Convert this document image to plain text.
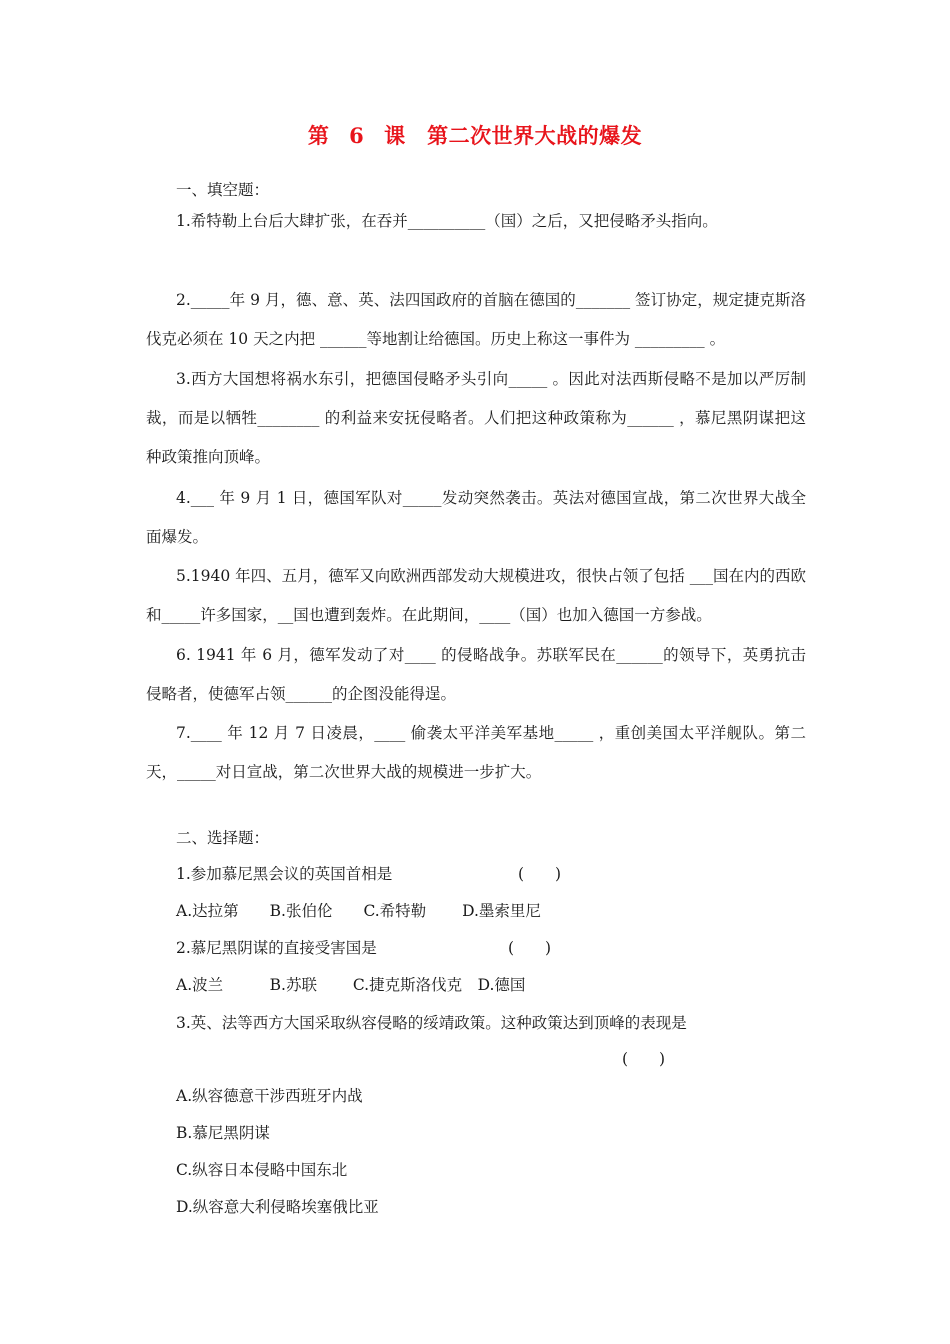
第 6 课　第二次世界大战的爆发
一、填空题：

1.希特勒上台后大肆扩张，在吞并__________（国）之后，又把侵略矛头指向。

2._____年 9 月，德、意、英、法四国政府的首脑在德国的_______ 签订协定，规定捷克斯洛伐克必须在 10 天之内把 ______等地割让给德国。历史上称这一事件为 _________ 。

3.西方大国想将祸水东引，把德国侵略矛头引向_____ 。因此对法西斯侵略不是加以严厉制裁，而是以牺牲________ 的利益来安抚侵略者。人们把这种政策称为______ ，慕尼黑阴谋把这种政策推向顶峰。

4.___ 年 9 月 1 日，德国军队对_____发动突然袭击。英法对德国宣战，第二次世界大战全面爆发。

5.1940 年四、五月，德军又向欧洲西部发动大规模进攻，很快占领了包括 ___国在内的西欧和_____许多国家，__国也遭到轰炸。在此期间，____（国）也加入德国一方参战。

6. 1941 年 6 月，德军发动了对____ 的侵略战争。苏联军民在______的领导下，英勇抗击侵略者，使德军占领______的企图没能得逞。

7.____ 年 12 月 7 日凌晨，____ 偷袭太平洋美军基地_____ ，重创美国太平洋舰队。第二天，_____对日宣战，第二次世界大战的规模进一步扩大。

二、选择题：
1.参加慕尼黑会议的英国首相是	(　　)
A.达拉第　　B.张伯伦　　C.希特勒　　 D.墨索里尼
2.慕尼黑阴谋的直接受害国是	(　　)
A.波兰　　　B.苏联　　 C.捷克斯洛伐克　D.德国
3.英、法等西方大国采取纵容侵略的绥靖政策。这种政策达到顶峰的表现是
(　　)
A.纵容德意干涉西班牙内战
B.慕尼黑阴谋
C.纵容日本侵略中国东北
D.纵容意大利侵略埃塞俄比亚
